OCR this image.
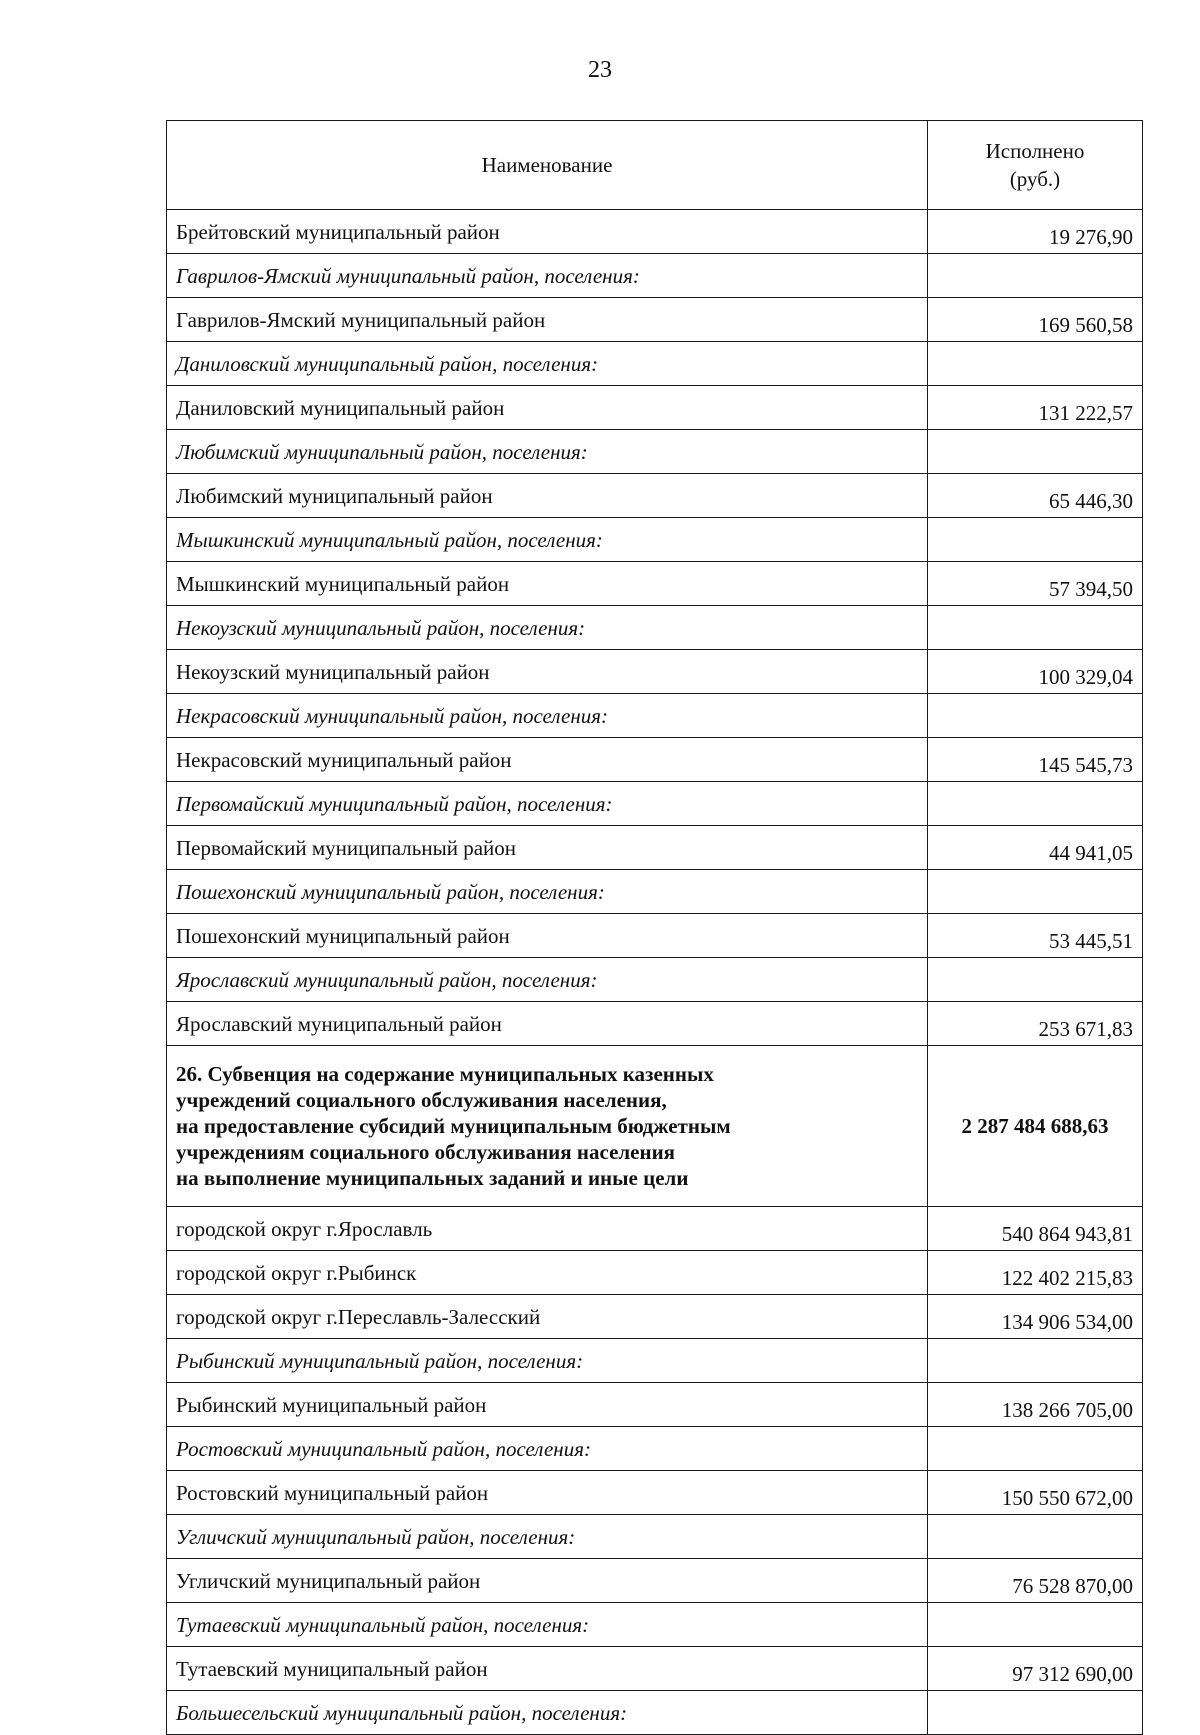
23
Наименование	Исполнено
(руб.)

Брейтовский муниципальный район	19 276,90
Гаврилов-Ямский муниципальный район, поселения:	
Гаврилов-Ямский муниципальный район	169 560,58
Даниловский муниципальный район, поселения:	
Даниловский муниципальный район	131 222,57
Любимский муниципальный район, поселения:	
Любимский муниципальный район	65 446,30
Мышкинский муниципальный район, поселения:	
Мышкинский муниципальный район	57 394,50
Некоузский муниципальный район, поселения:	
Некоузский муниципальный район	100 329,04
Некрасовский муниципальный район, поселения:	
Некрасовский муниципальный район	145 545,73
Первомайский муниципальный район, поселения:	
Первомайский муниципальный район	44 941,05
Пошехонский муниципальный район, поселения:	
Пошехонский муниципальный район	53 445,51
Ярославский муниципальный район, поселения:	
Ярославский муниципальный район	253 671,83

26. Субвенция на содержание муниципальных казенных
учреждений социального обслуживания населения,
на предоставление субсидий муниципальным бюджетным
учреждениям социального обслуживания населения
на выполнение муниципальных заданий и иные цели	2 287 484 688,63
городской округ г.Ярославль	540 864 943,81
городской округ г.Рыбинск	122 402 215,83
городской округ г.Переславль-Залесский	134 906 534,00
Рыбинский муниципальный район, поселения:	
Рыбинский муниципальный район	138 266 705,00
Ростовский муниципальный район, поселения:	
Ростовский муниципальный район	150 550 672,00
Угличский муниципальный район, поселения:	
Угличский муниципальный район	76 528 870,00
Тутаевский муниципальный район, поселения:	
Тутаевский муниципальный район	97 312 690,00
Большесельский муниципальный район, поселения:	
